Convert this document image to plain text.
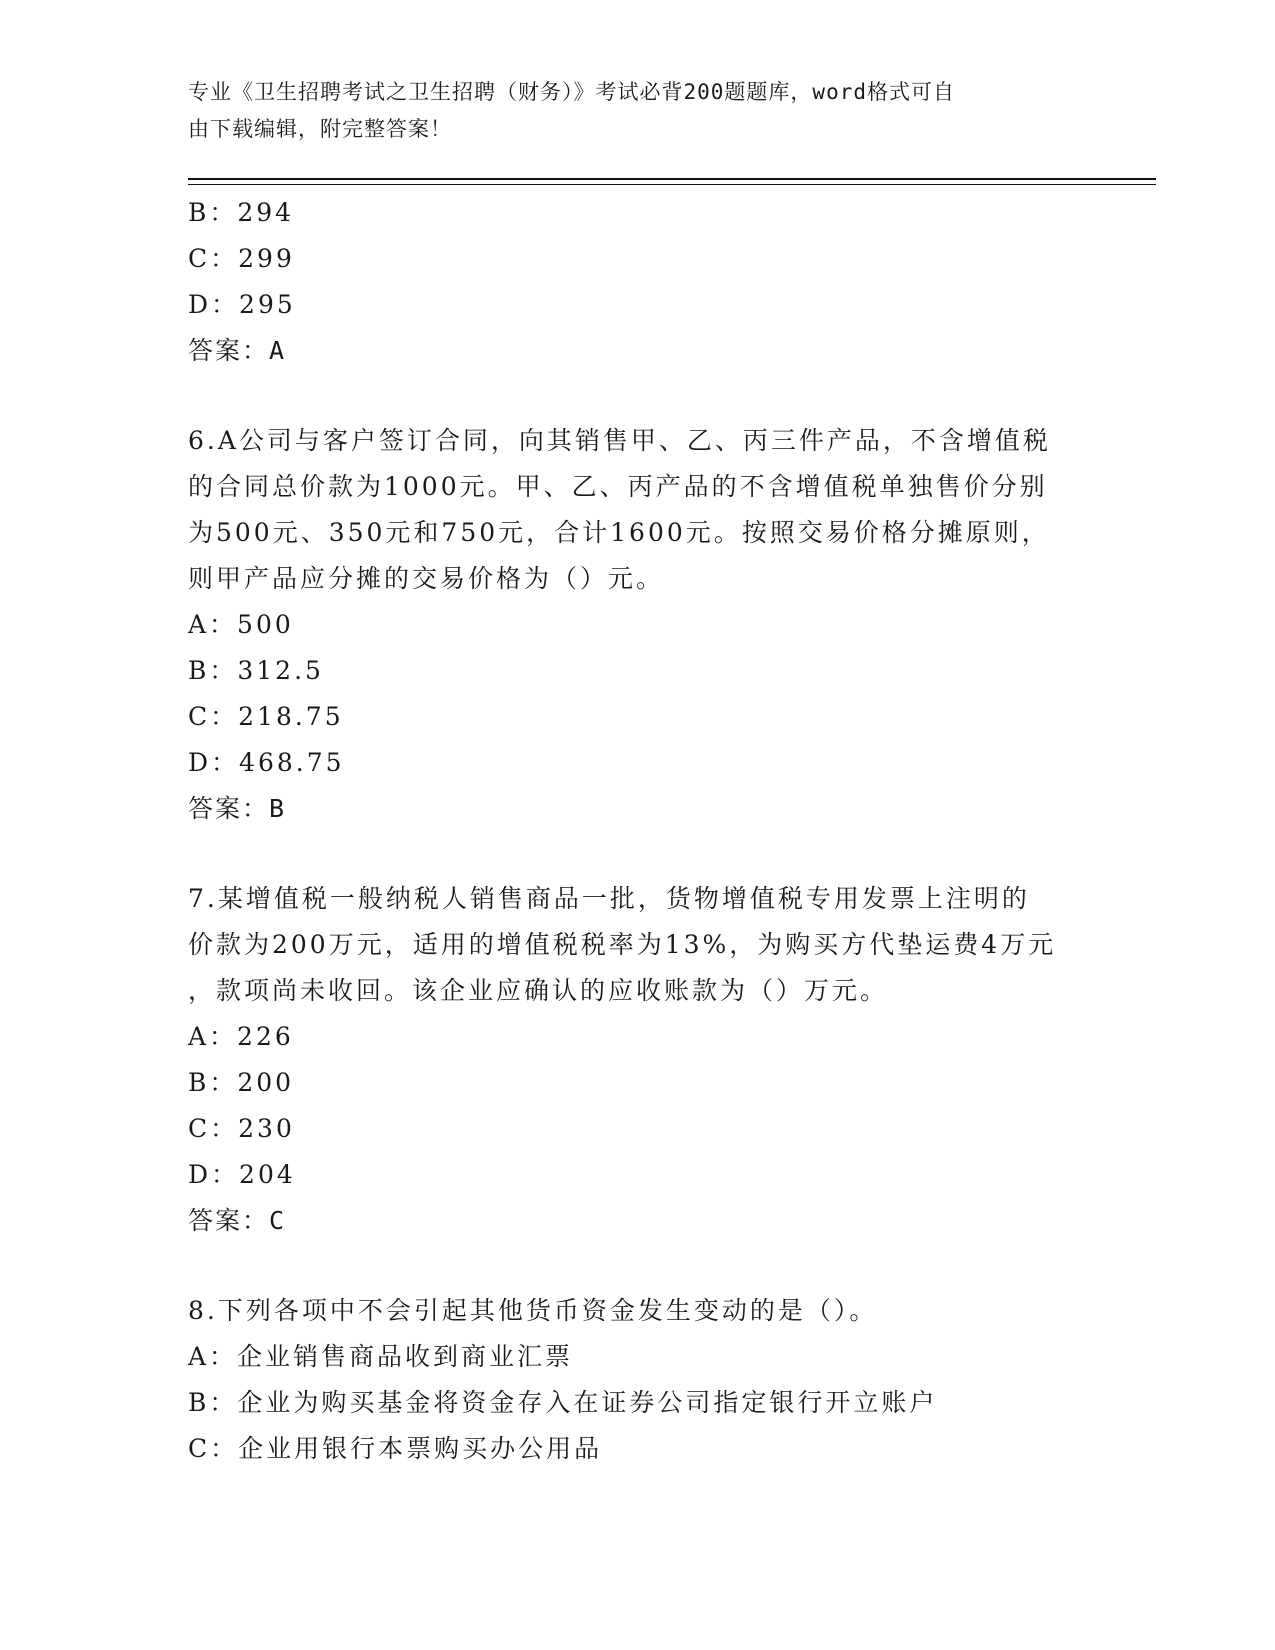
专业《卫生招聘考试之卫生招聘（财务）》考试必背200题题库，word格式可自
由下载编辑，附完整答案！
B：294
C：299
D：295
答案：A
6.A公司与客户签订合同，向其销售甲、乙、丙三件产品，不含增值税
的合同总价款为1000元。甲、乙、丙产品的不含增值税单独售价分别
为500元、350元和750元，合计1600元。按照交易价格分摊原则，
则甲产品应分摊的交易价格为（）元。
A：500
B：312.5
C：218.75
D：468.75
答案：B
7.某增值税一般纳税人销售商品一批，货物增值税专用发票上注明的
价款为200万元，适用的增值税税率为13%，为购买方代垫运费4万元
，款项尚未收回。该企业应确认的应收账款为（）万元。
A：226
B：200
C：230
D：204
答案：C
8.下列各项中不会引起其他货币资金发生变动的是（）。
A：企业销售商品收到商业汇票
B：企业为购买基金将资金存入在证券公司指定银行开立账户
C：企业用银行本票购买办公用品
